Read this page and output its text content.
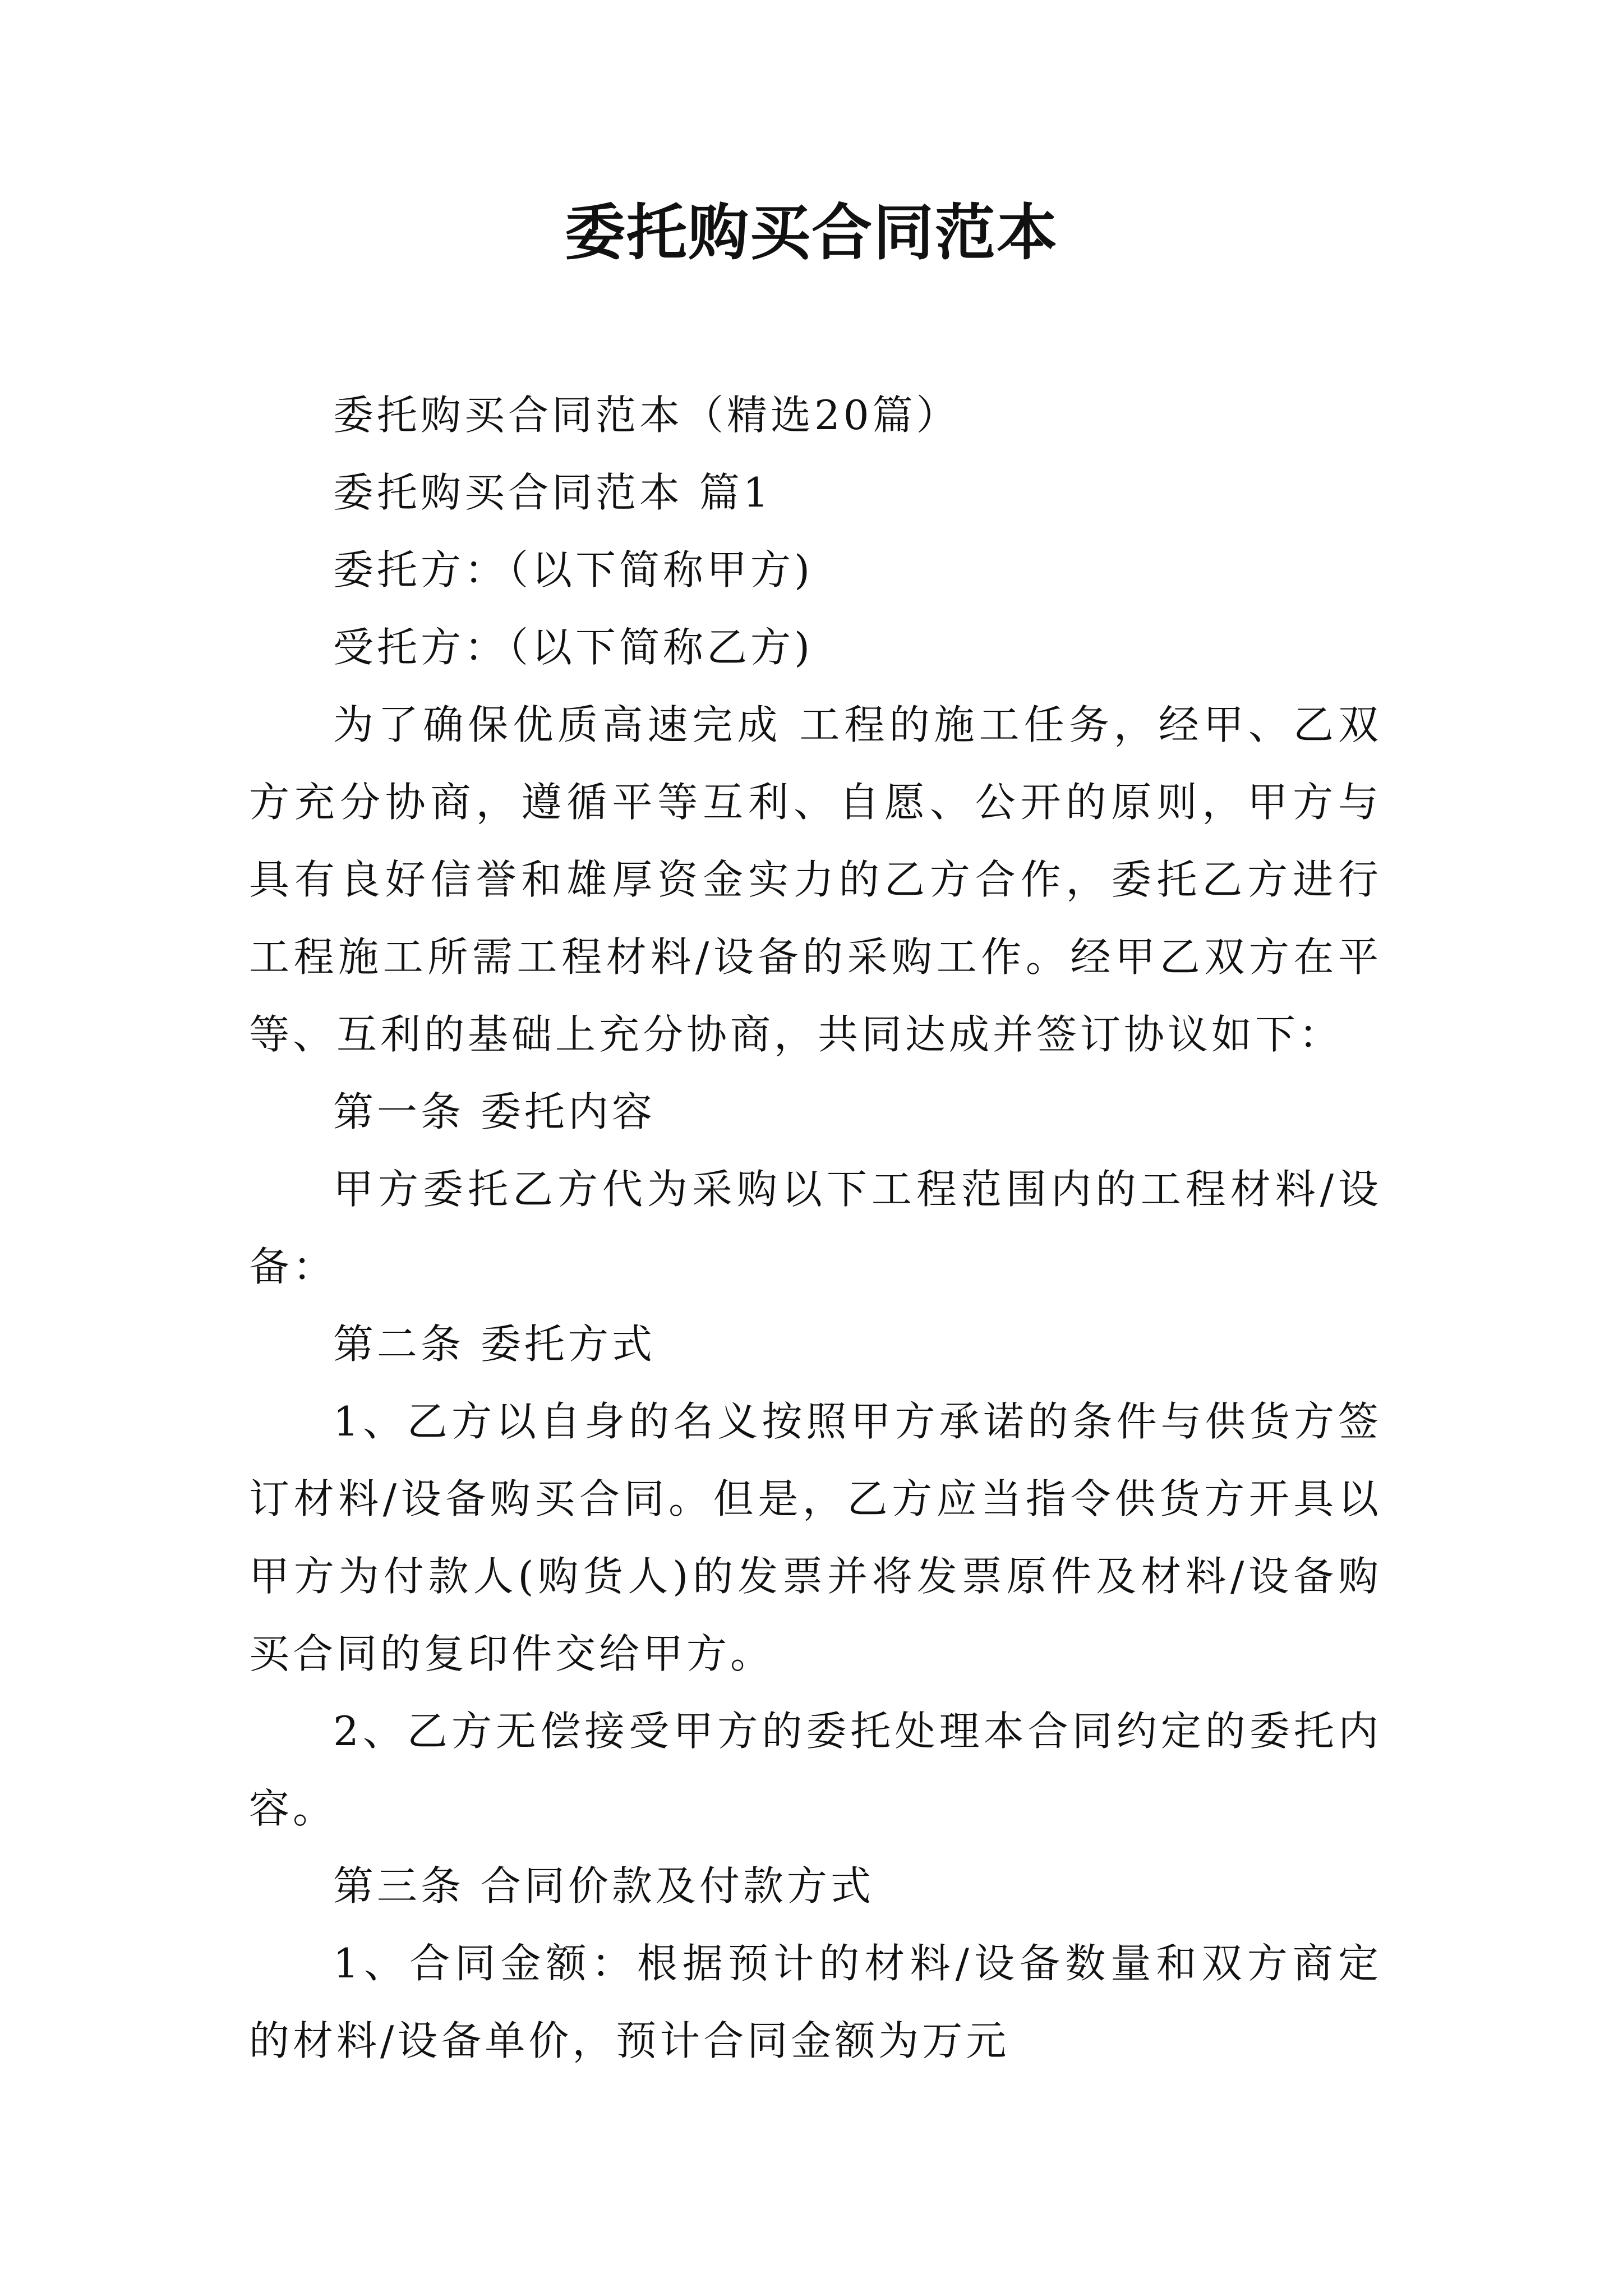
委托购买合同范本

委托购买合同范本（精选20篇）

委托购买合同范本 篇1

委托方：（以下简称甲方)

受托方：（以下简称乙方)

为了确保优质高速完成 工程的施工任务，经甲、乙双方充分协商，遵循平等互利、自愿、公开的原则，甲方与具有良好信誉和雄厚资金实力的乙方合作，委托乙方进行工程施工所需工程材料/设备的采购工作。经甲乙双方在平等、互利的基础上充分协商，共同达成并签订协议如下：

第一条 委托内容

甲方委托乙方代为采购以下工程范围内的工程材料/设备：

第二条 委托方式

1、乙方以自身的名义按照甲方承诺的条件与供货方签订材料/设备购买合同。但是，乙方应当指令供货方开具以甲方为付款人(购货人)的发票并将发票原件及材料/设备购买合同的复印件交给甲方。

2、乙方无偿接受甲方的委托处理本合同约定的委托内容。

第三条 合同价款及付款方式

1、合同金额：根据预计的材料/设备数量和双方商定的材料/设备单价，预计合同金额为万元
